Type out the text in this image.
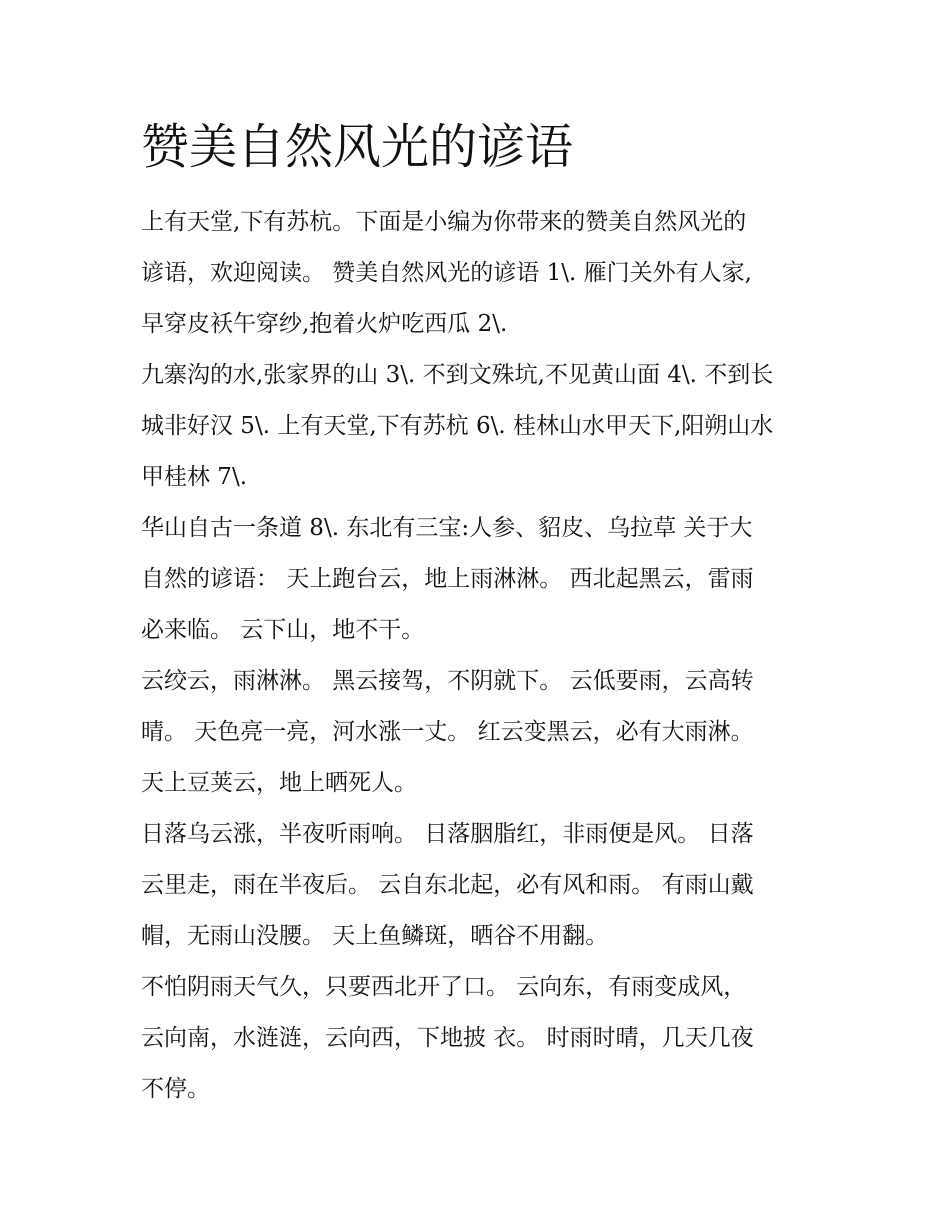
赞美自然风光的谚语

上有天堂,下有苏杭。下面是小编为你带来的赞美自然风光的

谚语，欢迎阅读。 赞美自然风光的谚语 1\. 雁门关外有人家,

早穿皮袄午穿纱,抱着火炉吃西瓜 2\.

九寨沟的水,张家界的山 3\. 不到文殊坑,不见黄山面 4\. 不到长

城非好汉 5\. 上有天堂,下有苏杭 6\. 桂林山水甲天下,阳朔山水

甲桂林 7\.

华山自古一条道 8\. 东北有三宝:人参、貂皮、乌拉草 关于大

自然的谚语： 天上跑台云，地上雨淋淋。 西北起黑云，雷雨

必来临。 云下山，地不干。

云绞云，雨淋淋。 黑云接驾，不阴就下。 云低要雨，云高转

晴。 天色亮一亮，河水涨一丈。 红云变黑云，必有大雨淋。

天上豆荚云，地上晒死人。

日落乌云涨，半夜听雨响。 日落胭脂红，非雨便是风。 日落

云里走，雨在半夜后。 云自东北起，必有风和雨。 有雨山戴

帽，无雨山没腰。 天上鱼鳞斑，晒谷不用翻。

不怕阴雨天气久，只要西北开了口。 云向东，有雨变成风，

云向南，水涟涟，云向西，下地披 衣。 时雨时晴，几天几夜

不停。
